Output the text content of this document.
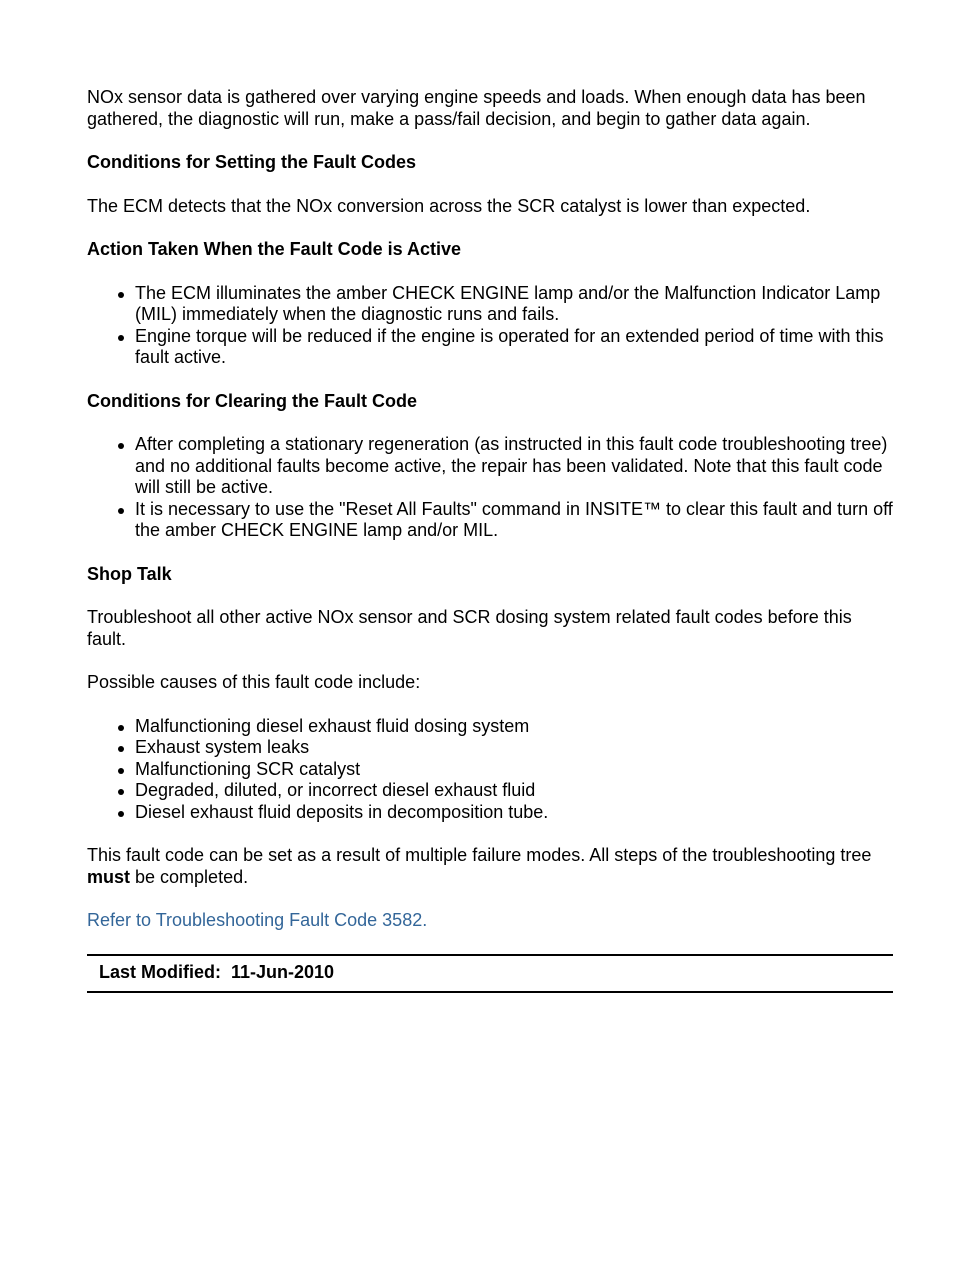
NOx sensor data is gathered over varying engine speeds and loads. When enough data has been gathered, the diagnostic will run, make a pass/fail decision, and begin to gather data again.

Conditions for Setting the Fault Codes

The ECM detects that the NOx conversion across the SCR catalyst is lower than expected.

Action Taken When the Fault Code is Active
The ECM illuminates the amber CHECK ENGINE lamp and/or the Malfunction Indicator Lamp (MIL) immediately when the diagnostic runs and fails.
Engine torque will be reduced if the engine is operated for an extended period of time with this fault active.
Conditions for Clearing the Fault Code
After completing a stationary regeneration (as instructed in this fault code troubleshooting tree) and no additional faults become active, the repair has been validated. Note that this fault code will still be active.
It is necessary to use the "Reset All Faults" command in INSITE™ to clear this fault and turn off the amber CHECK ENGINE lamp and/or MIL.
Shop Talk

Troubleshoot all other active NOx sensor and SCR dosing system related fault codes before this fault.

Possible causes of this fault code include:

Malfunctioning diesel exhaust fluid dosing system
Exhaust system leaks
Malfunctioning SCR catalyst
Degraded, diluted, or incorrect diesel exhaust fluid
Diesel exhaust fluid deposits in decomposition tube.

This fault code can be set as a result of multiple failure modes. All steps of the troubleshooting tree must be completed.

Refer to Troubleshooting Fault Code 3582.

Last Modified: 11-Jun-2010
